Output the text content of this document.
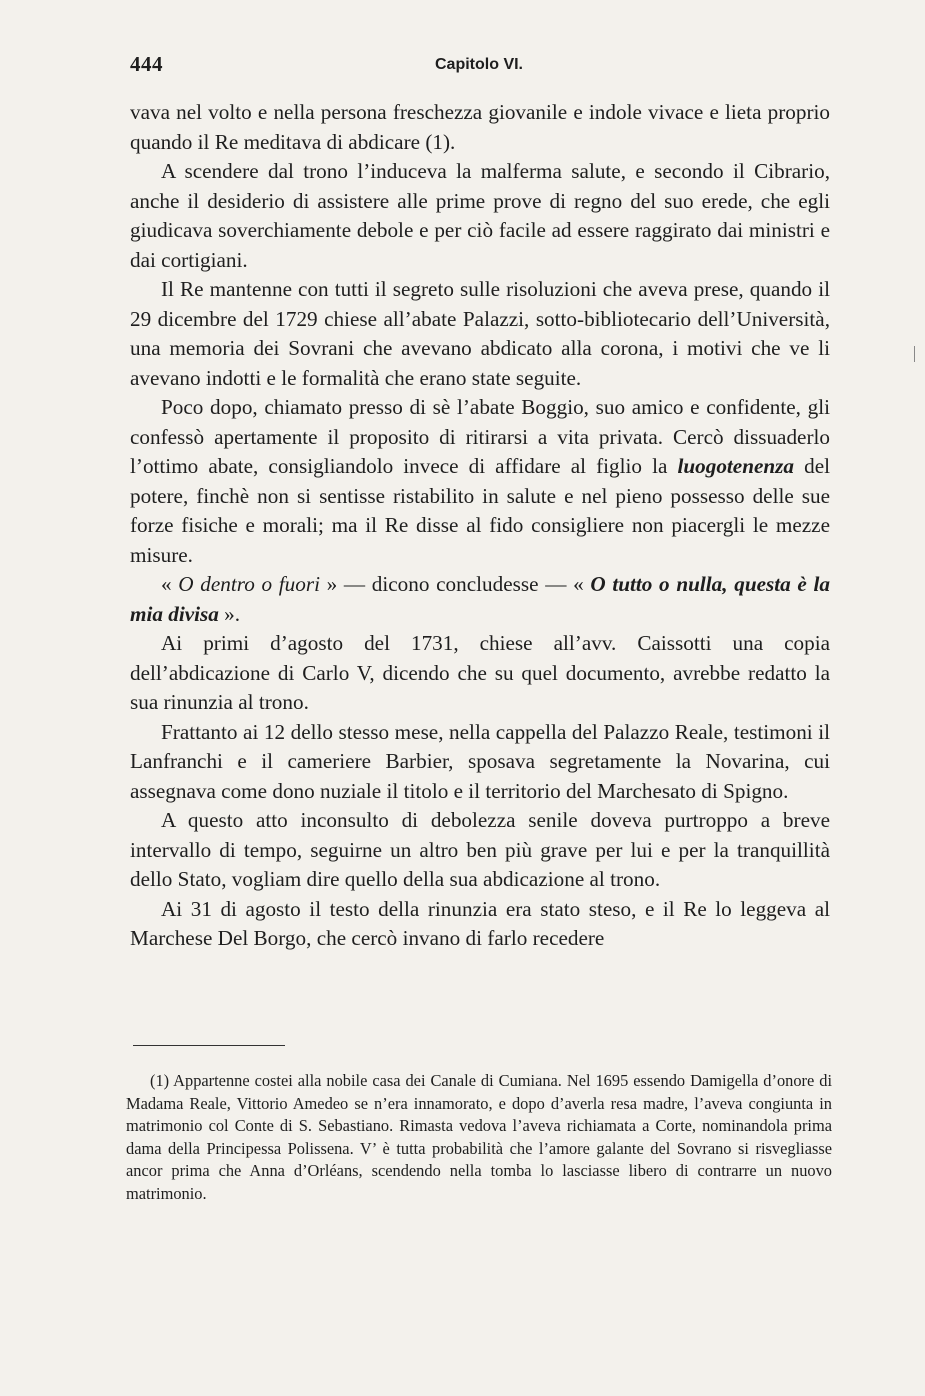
444	Capitolo VI.

vava nel volto e nella persona freschezza giovanile e indole vivace e lieta proprio quando il Re meditava di abdicare (1).

A scendere dal trono l’induceva la malferma salute, e secondo il Cibrario, anche il desiderio di assistere alle prime prove di regno del suo erede, che egli giudicava soverchiamente debole e per ciò facile ad essere raggirato dai ministri e dai cortigiani.

Il Re mantenne con tutti il segreto sulle risoluzioni che aveva prese, quando il 29 dicembre del 1729 chiese all’abate Palazzi, sotto-bibliotecario dell’Università, una memoria dei Sovrani che avevano abdicato alla corona, i motivi che ve li avevano indotti e le formalità che erano state seguite.

Poco dopo, chiamato presso di sè l’abate Boggio, suo amico e confidente, gli confessò apertamente il proposito di ritirarsi a vita privata. Cercò dissuaderlo l’ottimo abate, consigliandolo invece di affidare al figlio la luogotenenza del potere, finchè non si sentisse ristabilito in salute e nel pieno possesso delle sue forze fisiche e morali; ma il Re disse al fido consigliere non piacergli le mezze misure.

« O dentro o fuori » — dicono concludesse — « O tutto o nulla, questa è la mia divisa ».

Ai primi d’agosto del 1731, chiese all’avv. Caissotti una copia dell’abdicazione di Carlo V, dicendo che su quel documento, avrebbe redatto la sua rinunzia al trono.

Frattanto ai 12 dello stesso mese, nella cappella del Palazzo Reale, testimoni il Lanfranchi e il cameriere Barbier, sposava segretamente la Novarina, cui assegnava come dono nuziale il titolo e il territorio del Marchesato di Spigno.

A questo atto inconsulto di debolezza senile doveva purtroppo a breve intervallo di tempo, seguirne un altro ben più grave per lui e per la tranquillità dello Stato, vogliam dire quello della sua abdicazione al trono.

Ai 31 di agosto il testo della rinunzia era stato steso, e il Re lo leggeva al Marchese Del Borgo, che cercò invano di farlo recedere

(1) Appartenne costei alla nobile casa dei Canale di Cumiana. Nel 1695 essendo Damigella d’onore di Madama Reale, Vittorio Amedeo se n’era innamorato, e dopo d’averla resa madre, l’aveva congiunta in matrimonio col Conte di S. Sebastiano. Rimasta vedova l’aveva richiamata a Corte, nominandola prima dama della Principessa Polissena. V’ è tutta probabilità che l’amore galante del Sovrano si risvegliasse ancor prima che Anna d’Orléans, scendendo nella tomba lo lasciasse libero di contrarre un nuovo matrimonio.
